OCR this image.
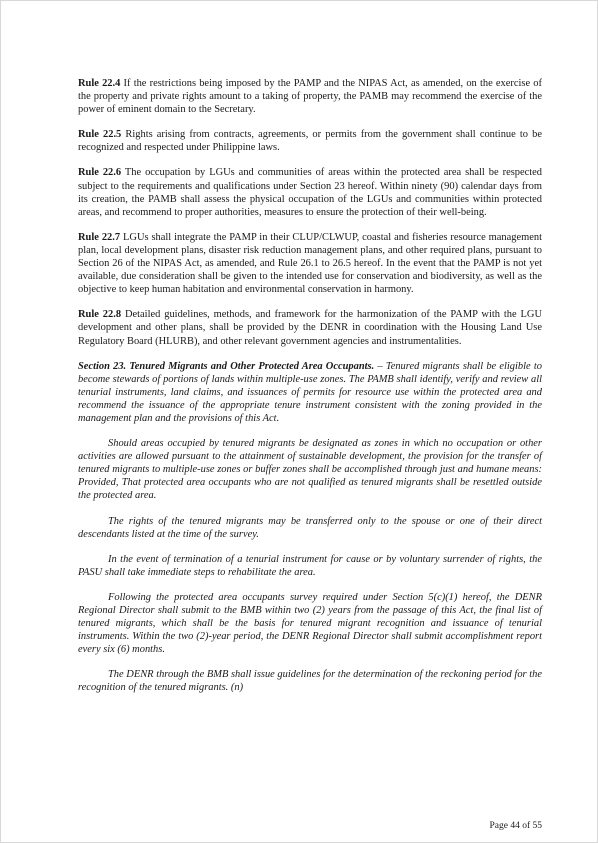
Rule 22.4 If the restrictions being imposed by the PAMP and the NIPAS Act, as amended, on the exercise of the property and private rights amount to a taking of property, the PAMB may recommend the exercise of the power of eminent domain to the Secretary.

Rule 22.5 Rights arising from contracts, agreements, or permits from the government shall continue to be recognized and respected under Philippine laws.

Rule 22.6 The occupation by LGUs and communities of areas within the protected area shall be respected subject to the requirements and qualifications under Section 23 hereof. Within ninety (90) calendar days from its creation, the PAMB shall assess the physical occupation of the LGUs and communities within protected areas, and recommend to proper authorities, measures to ensure the protection of their well-being.

Rule 22.7 LGUs shall integrate the PAMP in their CLUP/CLWUP, coastal and fisheries resource management plan, local development plans, disaster risk reduction management plans, and other required plans, pursuant to Section 26 of the NIPAS Act, as amended, and Rule 26.1 to 26.5 hereof. In the event that the PAMP is not yet available, due consideration shall be given to the intended use for conservation and biodiversity, as well as the objective to keep human habitation and environmental conservation in harmony.

Rule 22.8 Detailed guidelines, methods, and framework for the harmonization of the PAMP with the LGU development and other plans, shall be provided by the DENR in coordination with the Housing Land Use Regulatory Board (HLURB), and other relevant government agencies and instrumentalities.

Section 23. Tenured Migrants and Other Protected Area Occupants. – Tenured migrants shall be eligible to become stewards of portions of lands within multiple-use zones. The PAMB shall identify, verify and review all tenurial instruments, land claims, and issuances of permits for resource use within the protected area and recommend the issuance of the appropriate tenure instrument consistent with the zoning provided in the management plan and the provisions of this Act.

Should areas occupied by tenured migrants be designated as zones in which no occupation or other activities are allowed pursuant to the attainment of sustainable development, the provision for the transfer of tenured migrants to multiple-use zones or buffer zones shall be accomplished through just and humane means: Provided, That protected area occupants who are not qualified as tenured migrants shall be resettled outside the protected area.

The rights of the tenured migrants may be transferred only to the spouse or one of their direct descendants listed at the time of the survey.

In the event of termination of a tenurial instrument for cause or by voluntary surrender of rights, the PASU shall take immediate steps to rehabilitate the area.

Following the protected area occupants survey required under Section 5(c)(1) hereof, the DENR Regional Director shall submit to the BMB within two (2) years from the passage of this Act, the final list of tenured migrants, which shall be the basis for tenured migrant recognition and issuance of tenurial instruments. Within the two (2)-year period, the DENR Regional Director shall submit accomplishment report every six (6) months.

The DENR through the BMB shall issue guidelines for the determination of the reckoning period for the recognition of the tenured migrants. (n)

Page 44 of 55
